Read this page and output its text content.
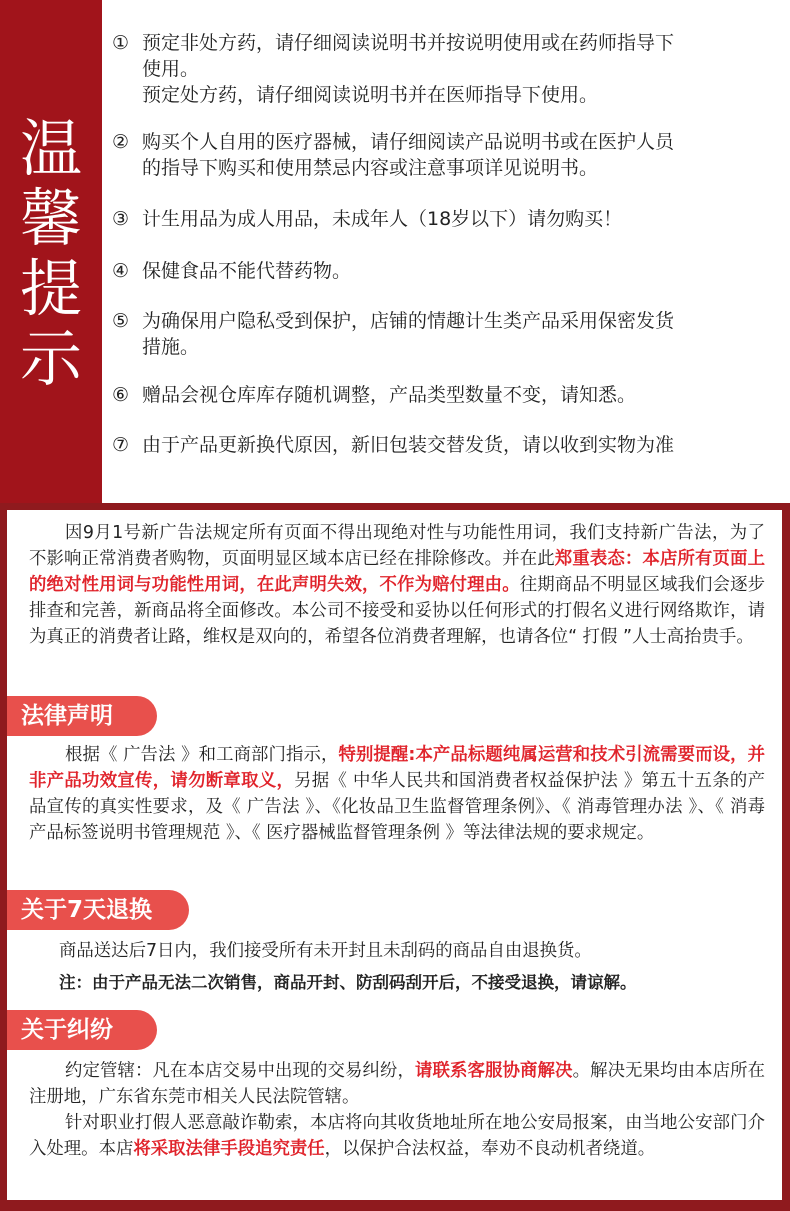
温
馨
提
示
① 预定非处方药，请仔细阅读说明书并按说明使用或在药师指导下

使用。

预定处方药，请仔细阅读说明书并在医师指导下使用。

② 购买个人自用的医疗器械，请仔细阅读产品说明书或在医护人员

的指导下购买和使用禁忌内容或注意事项详见说明书。

③ 计生用品为成人用品，未成年人（18岁以下）请勿购买！

④ 保健食品不能代替药物。

⑤ 为确保用户隐私受到保护，店铺的情趣计生类产品采用保密发货

措施。

⑥ 赠品会视仓库库存随机调整，产品类型数量不变，请知悉。

⑦ 由于产品更新换代原因，新旧包装交替发货，请以收到实物为准

因9月1号新广告法规定所有页面不得出现绝对性与功能性用词，我们支持新广告法，为了不影响正常消费者购物，页面明显区域本店已经在排除修改。并在此郑重表态：本店所有页面上的绝对性用词与功能性用词，在此声明失效，不作为赔付理由。往期商品不明显区域我们会逐步排查和完善，新商品将全面修改。本公司不接受和妥协以任何形式的打假名义进行网络欺诈，请为真正的消费者让路，维权是双向的，希望各位消费者理解，也请各位“ 打假 ”人士高抬贵手。
法律声明
根据《 广告法 》和工商部门指示，特别提醒:本产品标题纯属运营和技术引流需要而设，并非产品功效宣传，请勿断章取义，另据《 中华人民共和国消费者权益保护法 》第五十五条的产品宣传的真实性要求，及《 广告法 》、《化妆品卫生监督管理条例》、《 消毒管理办法 》、《 消毒产品标签说明书管理规范 》、《 医疗器械监督管理条例 》等法律法规的要求规定。
关于7天退换
商品送达后7日内，我们接受所有未开封且未刮码的商品自由退换货。
注：由于产品无法二次销售，商品开封、防刮码刮开后，不接受退换，请谅解。
关于纠纷
约定管辖：凡在本店交易中出现的交易纠纷，请联系客服协商解决。解决无果均由本店所在注册地，广东省东莞市相关人民法院管辖。
针对职业打假人恶意敲诈勒索，本店将向其收货地址所在地公安局报案，由当地公安部门介入处理。本店将采取法律手段追究责任，以保护合法权益，奉劝不良动机者绕道。
